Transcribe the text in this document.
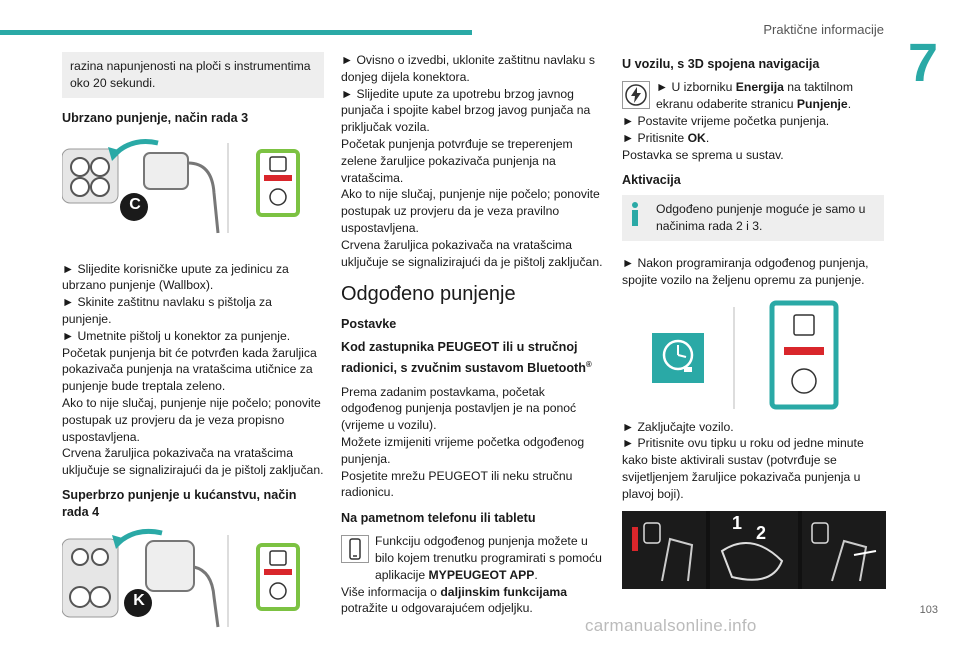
Praktične informacije
7
razina napunjenosti na ploči s instrumentima oko 20 sekundi.
Ubrzano punjenje, način rada 3
C

► Slijedite korisničke upute za jedinicu za ubrzano punjenje (Wallbox).

► Skinite zaštitnu navlaku s pištolja za punjenje.

► Umetnite pištolj u konektor za punjenje.

Početak punjenja bit će potvrđen kada žaruljica pokazivača punjenja na vratašcima utičnice za punjenje bude treptala zeleno.

Ako to nije slučaj, punjenje nije počelo; ponovite postupak uz provjeru da je veza propisno uspostavljena.

Crvena žaruljica pokazivača na vratašcima uključuje se signalizirajući da je pištolj zaključan.

Superbrzo punjenje u kućanstvu, način rada 4
K

► Ovisno o izvedbi, uklonite zaštitnu navlaku s donjeg dijela konektora.

► Slijedite upute za upotrebu brzog javnog punjača i spojite kabel brzog javog punjača na priključak vozila.

Početak punjenja potvrđuje se treperenjem zelene žaruljice pokazivača punjenja na vratašcima.

Ako to nije slučaj, punjenje nije počelo; ponovite postupak uz provjeru da je veza pravilno uspostavljena.

Crvena žaruljica pokazivača na vratašcima uključuje se signalizirajući da je pištolj zaključan.

Odgođeno punjenje
Postavke
Kod zastupnika PEUGEOT ili u stručnoj radionici, s zvučnim sustavom Bluetooth®

Prema zadanim postavkama, početak odgođenog punjenja postavljen je na ponoć (vrijeme u vozilu).

Možete izmijeniti vrijeme početka odgođenog punjenja.

Posjetite mrežu PEUGEOT ili neku stručnu radionicu.

Na pametnom telefonu ili tabletu
Funkciju odgođenog punjenja možete u bilo kojem trenutku programirati s pomoću aplikacije MYPEUGEOT APP.

Više informacija o daljinskim funkcijama potražite u odgovarajućem odjeljku.

U vozilu, s 3D spojena navigacija
► U izborniku Energija na taktilnom ekranu odaberite stranicu Punjenje.

► Postavite vrijeme početka punjenja.

► Pritisnite OK.

Postavka se sprema u sustav.

Aktivacija
Odgođeno punjenje moguće je samo u načinima rada 2 i 3.

► Nakon programiranja odgođenog punjenja, spojite vozilo na željenu opremu za punjenje.

► Zaključajte vozilo.

► Pritisnite ovu tipku u roku od jedne minute kako biste aktivirali sustav (potvrđuje se svijetljenjem žaruljice pokazivača punjenja u plavoj boji).

1 2
103
carmanualsonline.info
